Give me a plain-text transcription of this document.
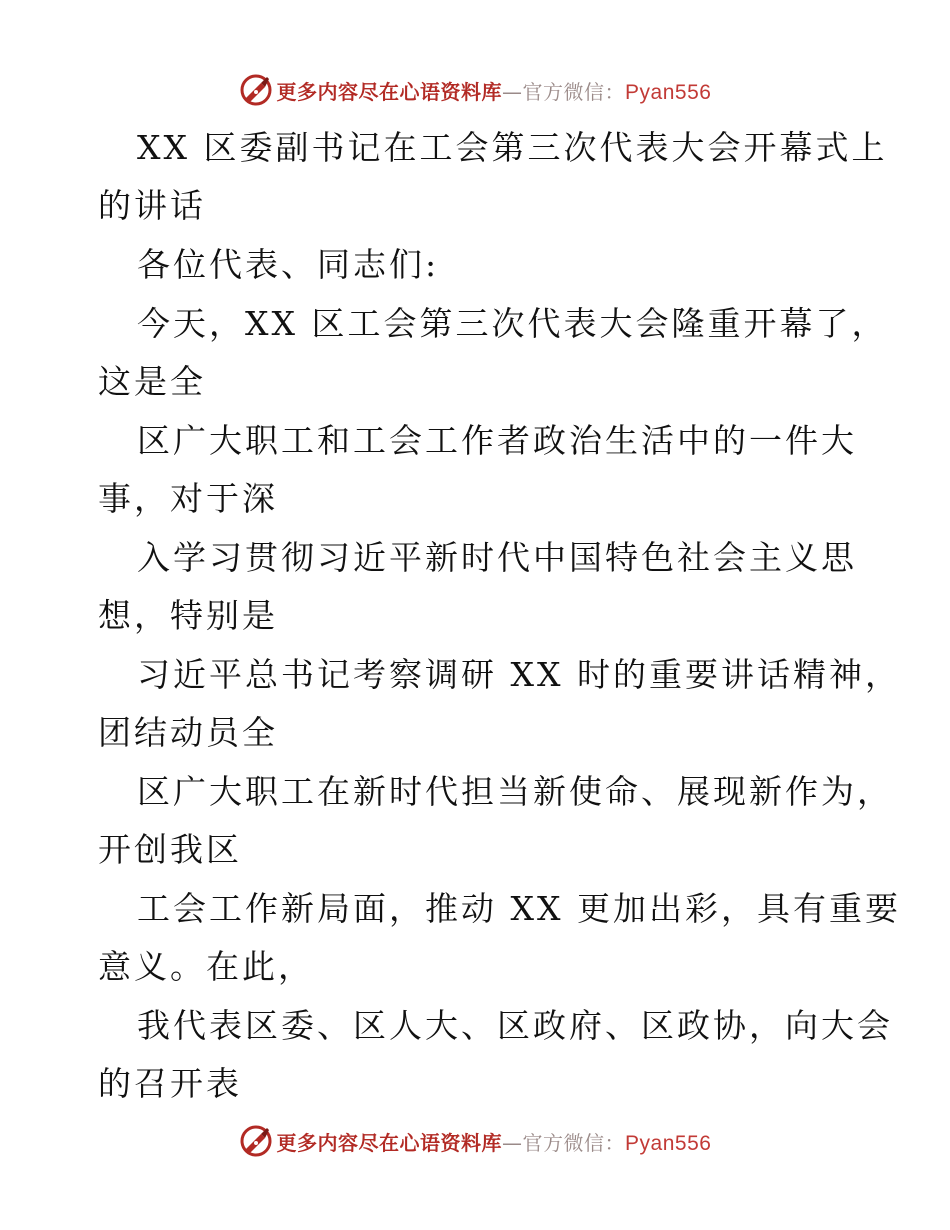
更多内容尽在心语资料库—官方微信：Pyan556
XX 区委副书记在工会第三次代表大会开幕式上
的讲话
各位代表、同志们:
今天，XX 区工会第三次代表大会隆重开幕了，
这是全
区广大职工和工会工作者政治生活中的一件大
事，对于深
入学习贯彻习近平新时代中国特色社会主义思
想，特别是
习近平总书记考察调研 XX 时的重要讲话精神，
团结动员全
区广大职工在新时代担当新使命、展现新作为，
开创我区
工会工作新局面，推动 XX 更加出彩，具有重要
意义。在此，
我代表区委、区人大、区政府、区政协，向大会
的召开表
更多内容尽在心语资料库—官方微信：Pyan556
